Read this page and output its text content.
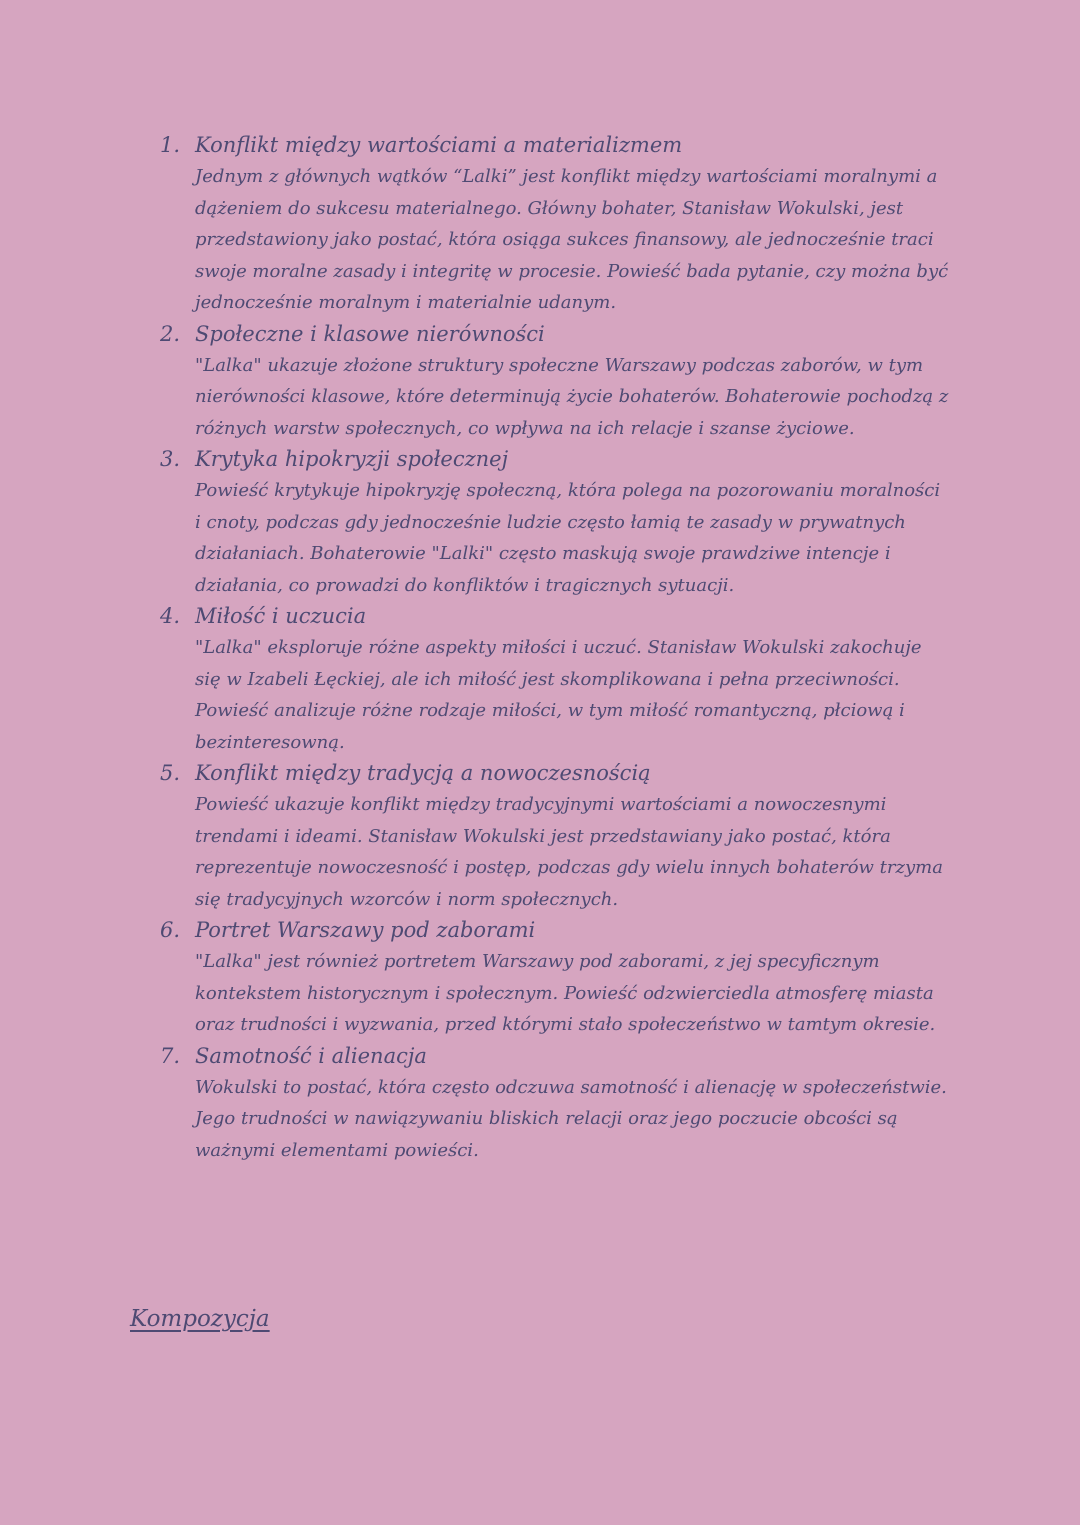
1. Konflikt między wartościami a materializmem

Jednym z głównych wątków “Lalki” jest konflikt między wartościami moralnymi a dążeniem do sukcesu materialnego. Główny bohater, Stanisław Wokulski, jest przedstawiony jako postać, która osiąga sukces finansowy, ale jednocześnie traci swoje moralne zasady i integritę w procesie. Powieść bada pytanie, czy można być jednocześnie moralnym i materialnie udanym.

2. Społeczne i klasowe nierówności

"Lalka" ukazuje złożone struktury społeczne Warszawy podczas zaborów, w tym nierówności klasowe, które determinują życie bohaterów. Bohaterowie pochodzą z różnych warstw społecznych, co wpływa na ich relacje i szanse życiowe.

3. Krytyka hipokryzji społecznej

Powieść krytykuje hipokryzję społeczną, która polega na pozorowaniu moralności i cnoty, podczas gdy jednocześnie ludzie często łamią te zasady w prywatnych działaniach. Bohaterowie "Lalki" często maskują swoje prawdziwe intencje i działania, co prowadzi do konfliktów i tragicznych sytuacji.

4. Miłość i uczucia

"Lalka" eksploruje różne aspekty miłości i uczuć. Stanisław Wokulski zakochuje się w Izabeli Łęckiej, ale ich miłość jest skomplikowana i pełna przeciwności. Powieść analizuje różne rodzaje miłości, w tym miłość romantyczną, płciową i bezinteresowną.

5. Konflikt między tradycją a nowoczesnością

Powieść ukazuje konflikt między tradycyjnymi wartościami a nowoczesnymi trendami i ideami. Stanisław Wokulski jest przedstawiany jako postać, która reprezentuje nowoczesność i postęp, podczas gdy wielu innych bohaterów trzyma się tradycyjnych wzorców i norm społecznych.

6. Portret Warszawy pod zaborami

"Lalka" jest również portretem Warszawy pod zaborami, z jej specyficznym kontekstem historycznym i społecznym. Powieść odzwierciedla atmosferę miasta oraz trudności i wyzwania, przed którymi stało społeczeństwo w tamtym okresie.

7. Samotność i alienacja

Wokulski to postać, która często odczuwa samotność i alienację w społeczeństwie. Jego trudności w nawiązywaniu bliskich relacji oraz jego poczucie obcości są ważnymi elementami powieści.

Kompozycja
